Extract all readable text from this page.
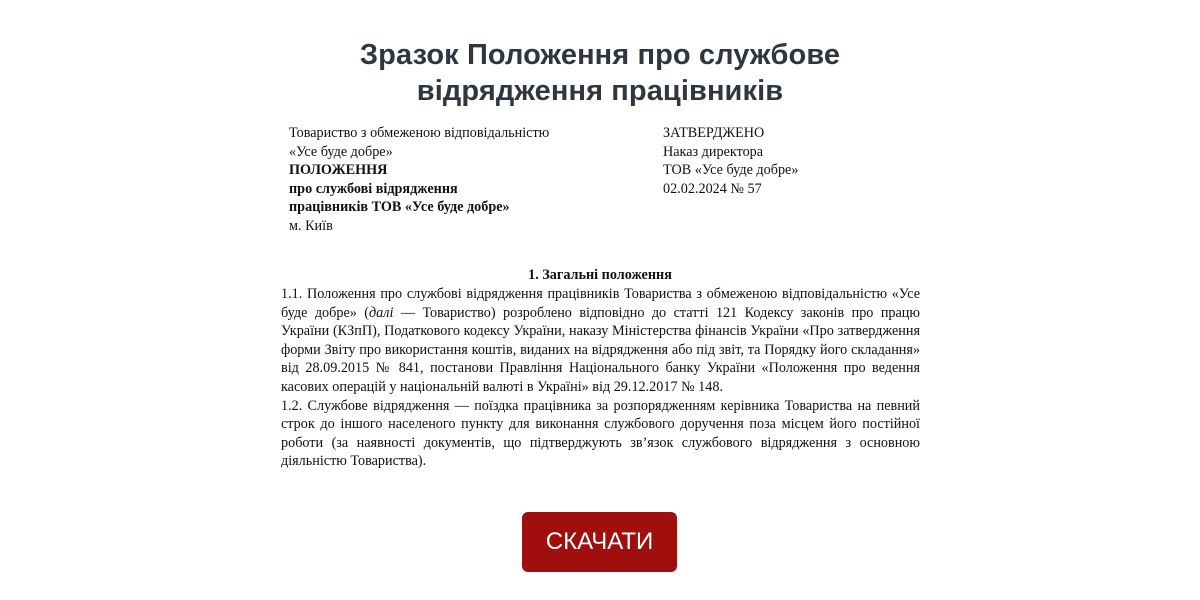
Зразок Положення про службове
відрядження працівників
Товариство з обмеженою відповідальністю
«Усе буде добре»
ПОЛОЖЕННЯ
про службові відрядження
працівників ТОВ «Усе буде добре»
м. Київ
ЗАТВЕРДЖЕНО
Наказ директора
ТОВ «Усе буде добре»
02.02.2024 № 57
1. Загальні положення

1.1. Положення про службові відрядження працівників Товариства з обмеженою відповідальністю «Усе буде добре» (далі — Товариство) розроблено відповідно до статті 121 Кодексу законів про працю України (КЗпП), Податкового кодексу України, наказу Міністерства фінансів України «Про затвердження форми Звіту про використання коштів, виданих на відрядження або під звіт, та Порядку його складання» від 28.09.2015 № 841, постанови Правління Національного банку України «Положення про ведення касових операцій у національній валюті в Україні» від 29.12.2017 № 148.

1.2. Службове відрядження — поїздка працівника за розпорядженням керівника Товариства на певний строк до іншого населеного пункту для виконання службового доручення поза місцем його постійної роботи (за наявності документів, що підтверджують зв’язок службового відрядження з основною діяльністю Товариства).

СКАЧАТИ
